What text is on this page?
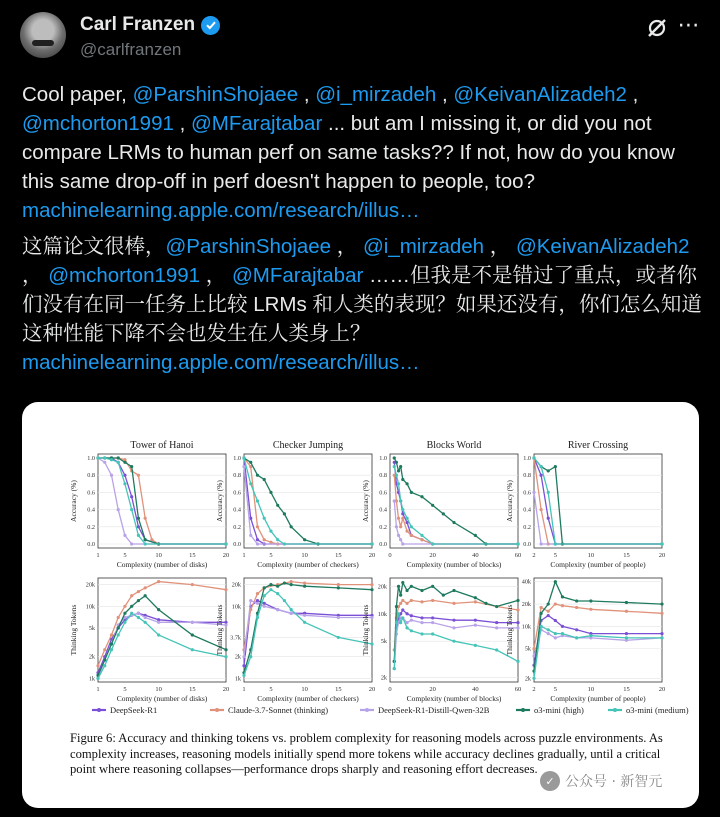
Carl Franzen
@carlfranzen
⋯
Cool paper, @ParshinShojaee , @i_mirzadeh , @KeivanAlizadeh2 ,
@mchorton1991 , @MFarajtabar ... but am I missing it, or did you not compare LRMs to human perf on same tasks?? If not, how do you know this same drop-off in perf doesn't happen to people, too?
machinelearning.apple.com/research/illus…
这篇论文很棒，@ParshinShojaee ， @i_mirzadeh ， @KeivanAlizadeh2
， @mchorton1991 ， @MFarajtabar ……但我是不是错过了重点，或者你们没有在同一任务上比较 LRMs 和人类的表现？如果还没有，你们怎么知道这种性能下降不会也发生在人类身上？
machinelearning.apple.com/research/illus…
Tower of Hanoi
Complexity (number of disks)
Accuracy (%)
1	5	10	15	20
0.0
0.2
0.4
0.6
0.8
1.0
Checker Jumping
Complexity (number of checkers)
Accuracy (%)
1	5	10	15	20
0.0
0.2
0.4
0.6
0.8
1.0
Blocks World
Complexity (number of blocks)
Accuracy (%)
0	20	40	60
0.0
0.2
0.4
0.6
0.8
1.0
River Crossing
Complexity (number of people)
Accuracy (%)
2	5	10	15	20
0.0
0.2
0.4
0.6
0.8
1.0
Complexity (number of disks)
Thinking Tokens
1	5	10	15	20
1k
2k
5k
10k
20k
Complexity (number of checkers)
Thinking Tokens
1	5	10	15	20
1k
2k
3.7k
10k
20k
Complexity (number of blocks)
Thinking Tokens
0	20	40	60
2k
5k
10k
20k
Complexity (number of people)
Thinking Tokens
2	5	10	15	20
2k
5k
10k
20k
40k
DeepSeek-R1	Claude-3.7-Sonnet (thinking)	DeepSeek-R1-Distill-Qwen-32B	o3-mini (high)	o3-mini (medium)
Figure 6: Accuracy and thinking tokens vs. problem complexity for reasoning models across puzzle environments. As complexity increases, reasoning models initially spend more tokens while accuracy declines gradually, until a critical point where reasoning collapses—performance drops sharply and reasoning effort decreases.
✓ 公众号 · 新智元
